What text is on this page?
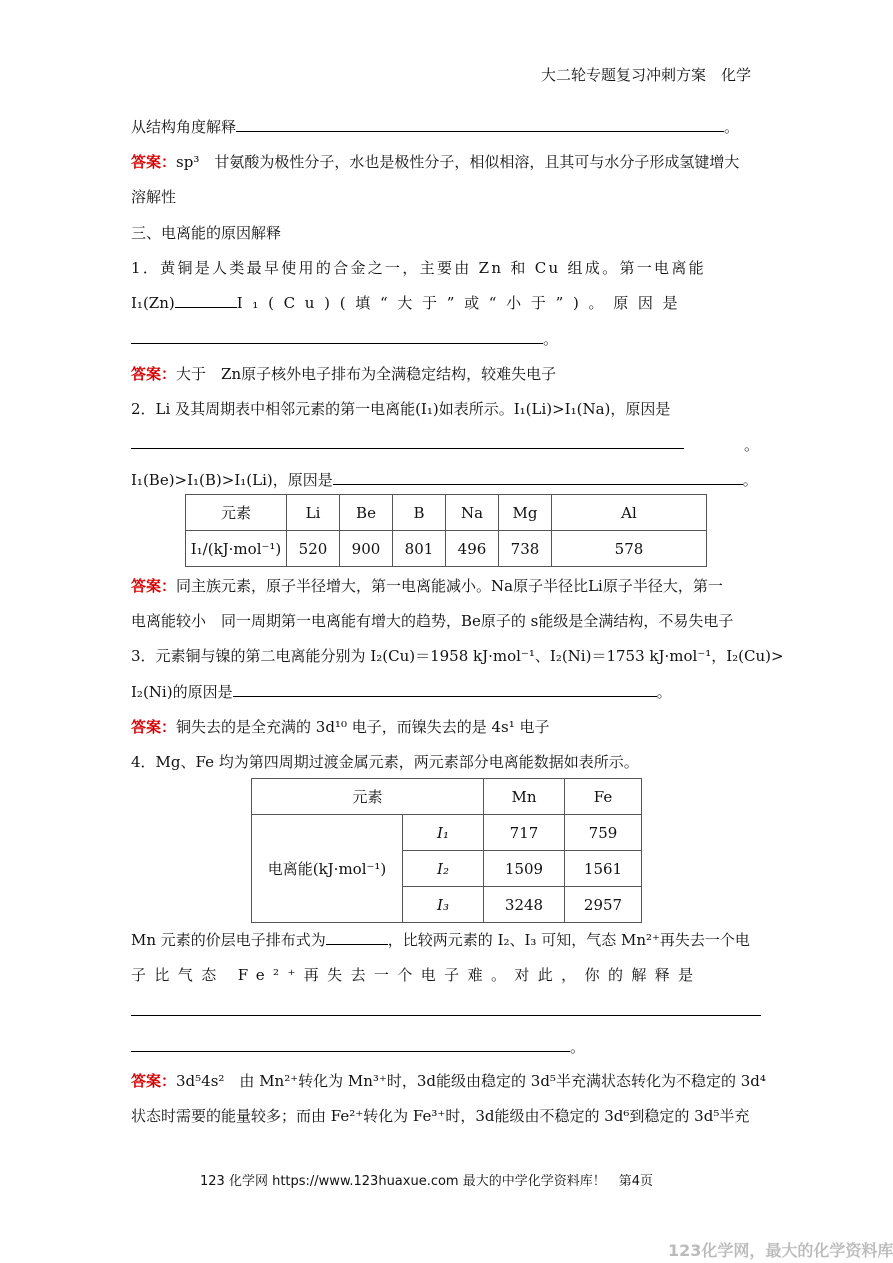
大二轮专题复习冲刺方案　化学
从结构角度解释	。
答案：sp³　甘氨酸为极性分子，水也是极性分子，相似相溶，且其可与水分子形成氢键增大
溶解性
三、电离能的原因解释
1．黄铜是人类最早使用的合金之一，主要由 Zn 和 Cu 组成。第一电离能
I₁(Zn)	I₁(Cu)(填“大于”或“小于”)。原因是
。
答案：大于　Zn原子核外电子排布为全满稳定结构，较难失电子
2．Li 及其周期表中相邻元素的第一电离能(I₁)如表所示。I₁(Li)>I₁(Na)，原因是
。
I₁(Be)>I₁(B)>I₁(Li)，原因是	。
元素	Li	Be	B	Na	Mg	Al
I₁/(kJ·mol⁻¹)	520	900	801	496	738	578
答案：同主族元素，原子半径增大，第一电离能减小。Na原子半径比Li原子半径大，第一
电离能较小　同一周期第一电离能有增大的趋势，Be原子的 s能级是全满结构，不易失电子
3．元素铜与镍的第二电离能分别为 I₂(Cu)＝1958 kJ·mol⁻¹、I₂(Ni)＝1753 kJ·mol⁻¹，I₂(Cu)>
I₂(Ni)的原因是	。
答案：铜失去的是全充满的 3d¹⁰ 电子，而镍失去的是 4s¹ 电子
4．Mg、Fe 均为第四周期过渡金属元素，两元素部分电离能数据如表所示。
元素		Mn	Fe
电离能(kJ·mol⁻¹)	I₁	717	759
	I₂	1509	1561
	I₃	3248	2957
Mn 元素的价层电子排布式为	，比较两元素的 I₂、I₃ 可知，气态 Mn²⁺再失去一个电
子比气态 Fe²⁺再失去一个电子难。对此，你的解释是
。
答案：3d⁵4s²　由 Mn²⁺转化为 Mn³⁺时，3d能级由稳定的 3d⁵半充满状态转化为不稳定的 3d⁴
状态时需要的能量较多；而由 Fe²⁺转化为 Fe³⁺时，3d能级由不稳定的 3d⁶到稳定的 3d⁵半充
123 化学网 https://www.123huaxue.com 最大的中学化学资料库！　第4页
123化学网，最大的化学资料库
